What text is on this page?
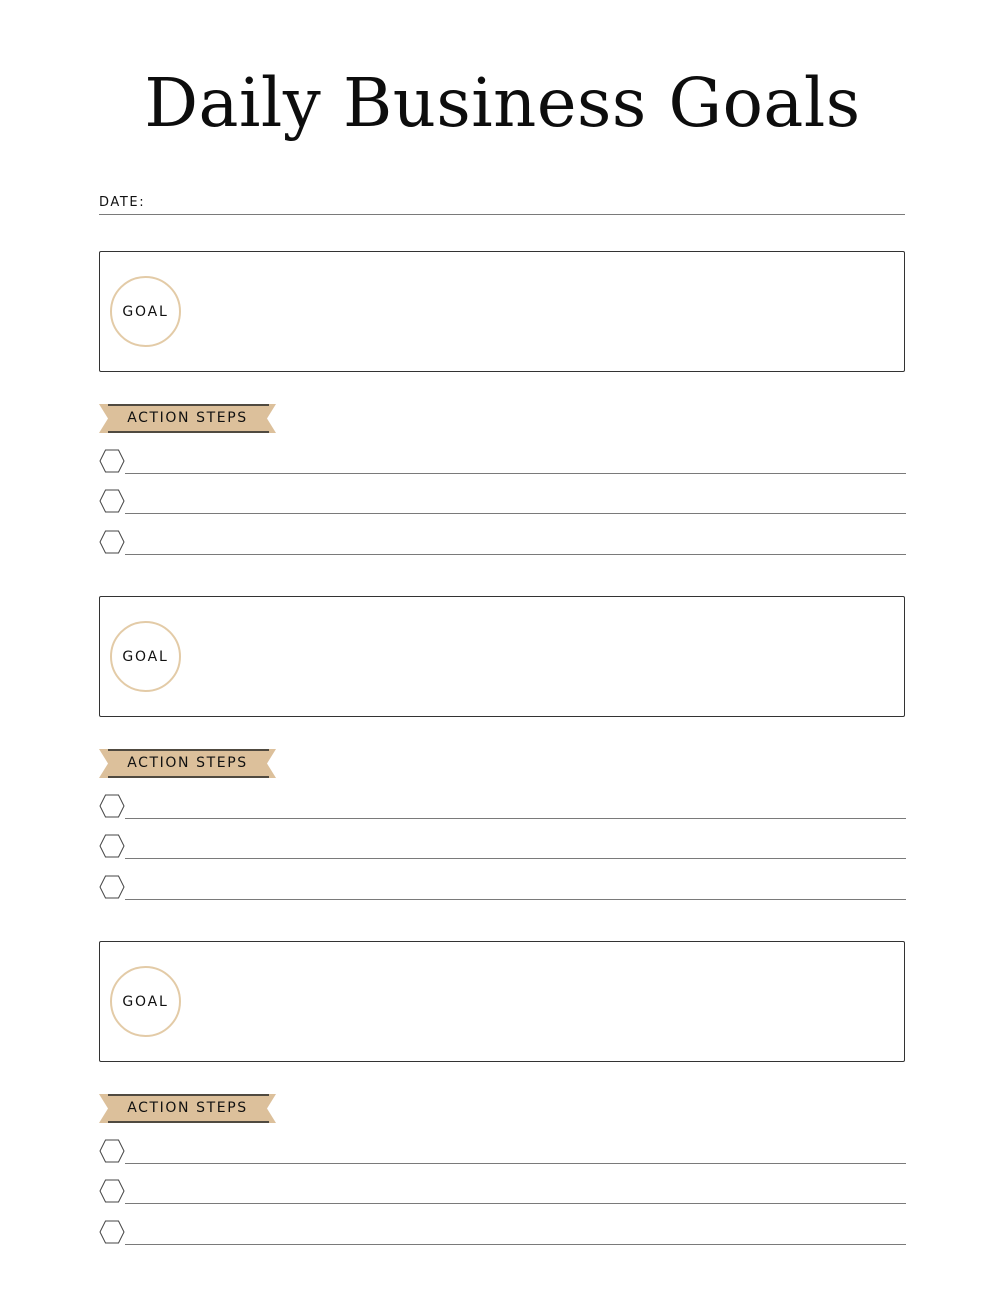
Daily Business Goals
DATE:
GOAL
ACTION STEPS
GOAL
ACTION STEPS
GOAL
ACTION STEPS
